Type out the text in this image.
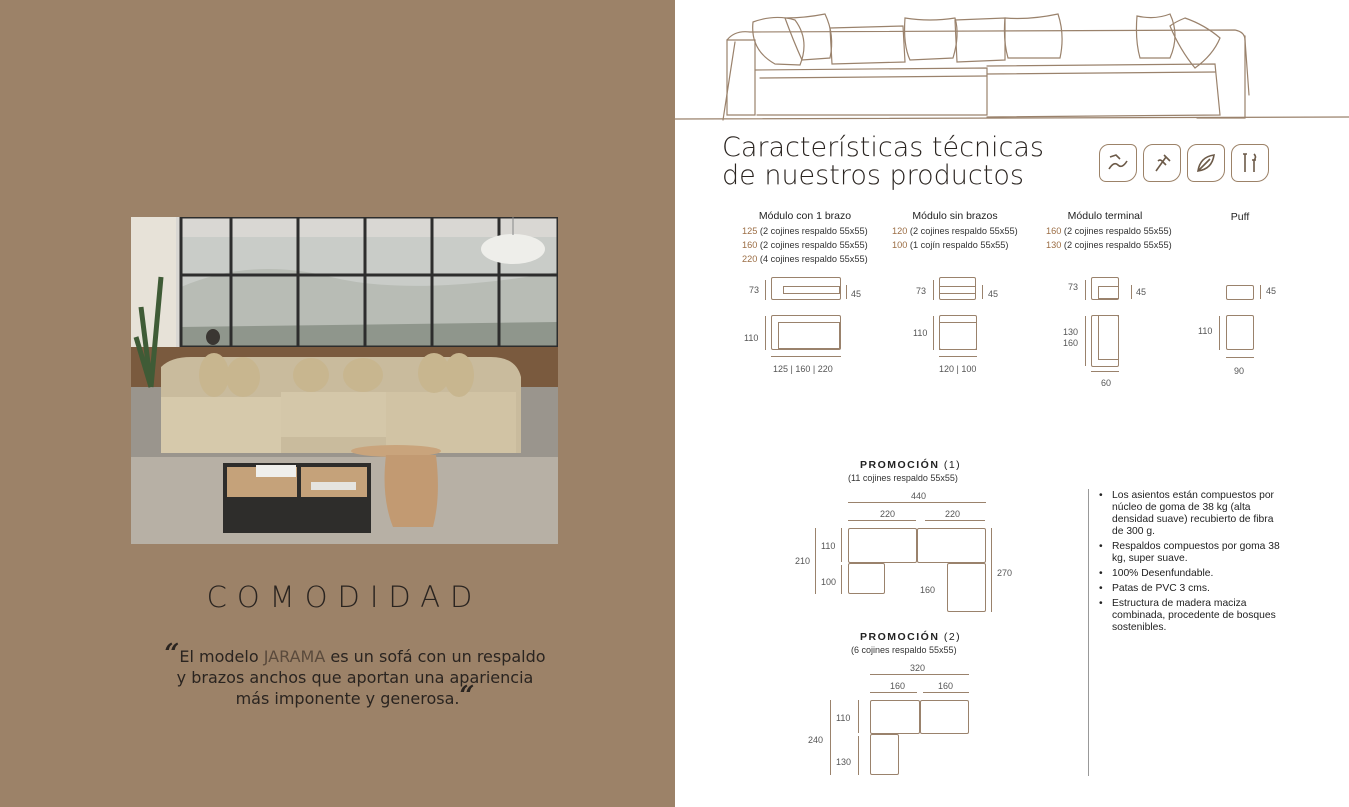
COMODIDAD
“El modelo JARAMA es un sofá con un respaldo
y brazos anchos que aportan una apariencia
más imponente y generosa.“
Características técnicas
de nuestros productos
Módulo con 1 brazo
125 (2 cojines respaldo 55x55)
160 (2 cojines respaldo 55x55)
220 (4 cojines respaldo 55x55)
73	45
110
125 | 160 | 220
Módulo sin brazos
120 (2 cojines respaldo 55x55)
100 (1 cojín respaldo 55x55)
73	45
110
120 | 100
Módulo terminal
160 (2 cojines respaldo 55x55)
130 (2 cojines respaldo 55x55)
73	45
130
160
60
Puff
45
110
90
PROMOCIÓN (1)
(11 cojines respaldo 55x55)
440
220	220
110
100
210
160
270
PROMOCIÓN (2)
(6 cojines respaldo 55x55)
320
160	160
110
130
240
• Los asientos están compuestos por núcleo de goma de 38 kg (alta densidad suave) recubierto de fibra de 300 g.
• Respaldos compuestos por goma 38 kg, super suave.
• 100% Desenfundable.
• Patas de PVC 3 cms.
• Estructura de madera maciza combinada, procedente de bosques sostenibles.
